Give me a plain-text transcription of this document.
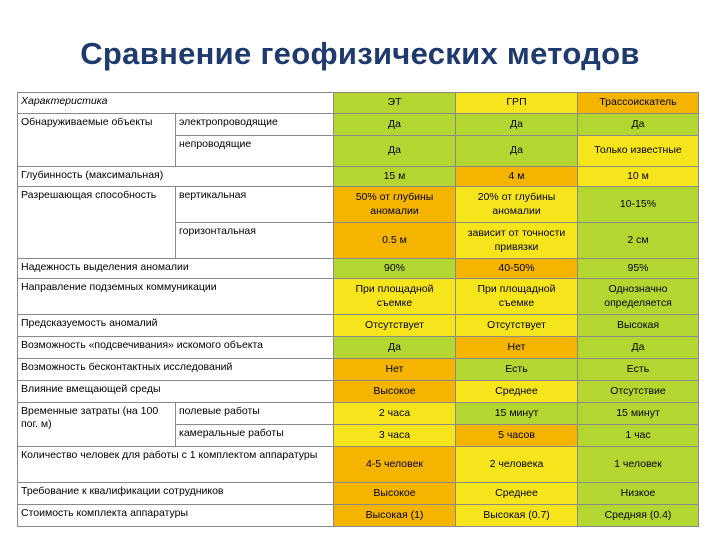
Сравнение геофизических методов
Характеристика		ЭТ	ГРП	Трассоискатель
Обнаруживаемые объекты	электропроводящие	Да	Да	Да
	непроводящие	Да	Да	Только известные
Глубинность (максимальная)		15 м	4 м	10 м
Разрешающая способность	вертикальная	50% от глубины аномалии	20% от глубины аномалии	10-15%
	горизонтальная	0.5 м	зависит от точности привязки	2 см
Надежность выделения аномалии		90%	40-50%	95%
Направление подземных коммуникации		При площадной съемке	При площадной съемке	Однозначно определяется
Предсказуемость аномалий		Отсутствует	Отсутствует	Высокая
Возможность «подсвечивания» искомого объекта		Да	Нет	Да
Возможность бесконтактных исследований		Нет	Есть	Есть
Влияние вмещающей среды		Высокое	Среднее	Отсутствие
Временные затраты (на 100 пог. м)	полевые работы	2 часа	15 минут	15 минут
	камеральные работы	3 часа	5 часов	1 час
Количество человек для работы с 1 комплектом аппаратуры		4-5 человек	2 человека	1 человек
Требование к квалификации сотрудников		Высокое	Среднее	Низкое
Стоимость комплекта аппаратуры		Высокая (1)	Высокая (0.7)	Средняя (0.4)
